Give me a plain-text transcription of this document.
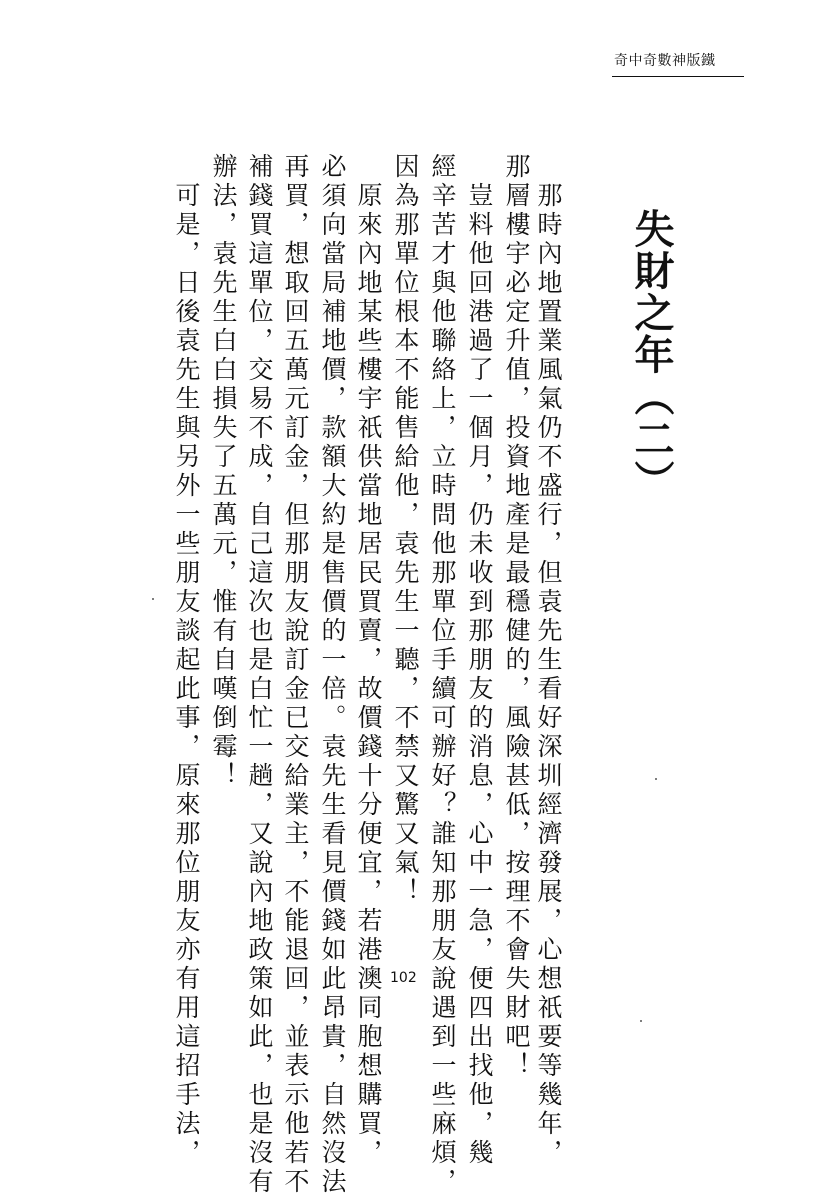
奇中奇數神版鐵
失財之年（二）
　那時內地置業風氣仍不盛行，但袁先生看好深圳經濟發展，心想祇要等幾年，
那層樓宇必定升值，投資地產是最穩健的，風險甚低，按理不會失財吧！
　豈料他回港過了一個月，仍未收到那朋友的消息，心中一急，便四出找他，幾
經辛苦才與他聯絡上，立時問他那單位手續可辦好？誰知那朋友說遇到一些麻煩，
因為那單位根本不能售給他，袁先生一聽，不禁又驚又氣！
　原來內地某些樓宇祇供當地居民買賣，故價錢十分便宜，若港澳同胞想購買，
必須向當局補地價，款額大約是售價的一倍。袁先生看見價錢如此昂貴，自然沒法
再買，想取回五萬元訂金，但那朋友說訂金已交給業主，不能退回，並表示他若不
補錢買這單位，交易不成，自己這次也是白忙一趟，又說內地政策如此，也是沒有
辦法，袁先生白白損失了五萬元，惟有自嘆倒霉！
　可是，日後袁先生與另外一些朋友談起此事，原來那位朋友亦有用這招手法，	102
